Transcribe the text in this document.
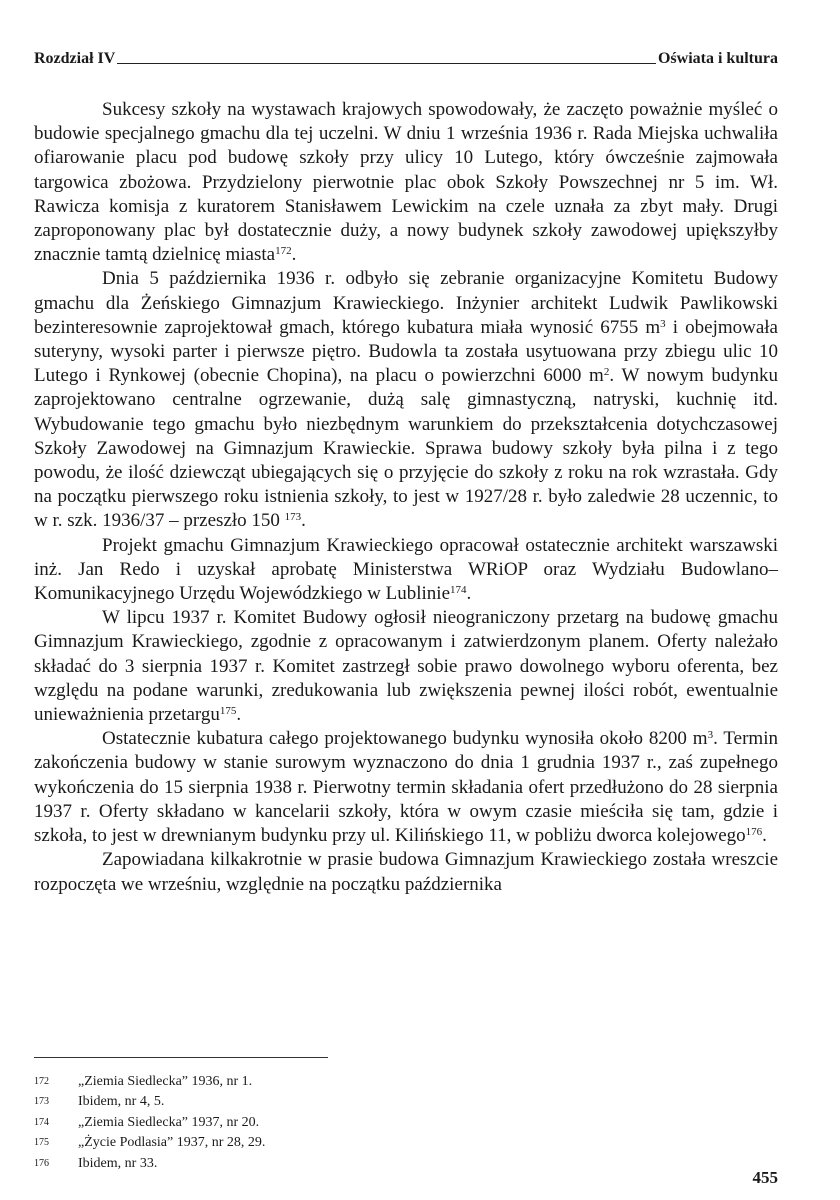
Rozdział IV	Oświata i kultura

Sukcesy szkoły na wystawach krajowych spowodowały, że zaczęto poważnie myśleć o budowie specjalnego gmachu dla tej uczelni. W dniu 1 września 1936 r. Rada Miejska uchwaliła ofiarowanie placu pod budowę szkoły przy ulicy 10 Lutego, który ówcześnie zajmowała targowica zbożowa. Przydzielony pierwotnie plac obok Szkoły Powszechnej nr 5 im. Wł. Rawicza komisja z kuratorem Stanisławem Lewickim na czele uznała za zbyt mały. Drugi zaproponowany plac był dostatecznie duży, a nowy budynek szkoły zawodowej upiększyłby znacznie tamtą dzielnicę miasta$^{172}$.

Dnia 5 października 1936 r. odbyło się zebranie organizacyjne Komitetu Budowy gmachu dla Żeńskiego Gimnazjum Krawieckiego. Inżynier architekt Ludwik Pawlikowski bezinteresownie zaprojektował gmach, którego kubatura miała wynosić 6755 $m^3$ i obejmowała suteryny, wysoki parter i pierwsze piętro. Budowla ta została usytuowana przy zbiegu ulic 10 Lutego i Rynkowej (obecnie Chopina), na placu o powierzchni 6000 $m^2$. W nowym budynku zaprojektowano centralne ogrzewanie, dużą salę gimnastyczną, natryski, kuchnię itd. Wybudowanie tego gmachu było niezbędnym warunkiem do przekształcenia dotychczasowej Szkoły Zawodowej na Gimnazjum Krawieckie. Sprawa budowy szkoły była pilna i z tego powodu, że ilość dziewcząt ubiegających się o przyjęcie do szkoły z roku na rok wzrastała. Gdy na początku pierwszego roku istnienia szkoły, to jest w 1927/28 r. było zaledwie 28 uczennic, to w r. szk. 1936/37 – przeszło 150 $^{173}$.

Projekt gmachu Gimnazjum Krawieckiego opracował ostatecznie architekt warszawski inż. Jan Redo i uzyskał aprobatę Ministerstwa WRiOP oraz Wydziału Budowlano–Komunikacyjnego Urzędu Wojewódzkiego w Lublinie$^{174}$.

W lipcu 1937 r. Komitet Budowy ogłosił nieograniczony przetarg na budowę gmachu Gimnazjum Krawieckiego, zgodnie z opracowanym i zatwierdzonym planem. Oferty należało składać do 3 sierpnia 1937 r. Komitet zastrzegł sobie prawo dowolnego wyboru oferenta, bez względu na podane warunki, zredukowania lub zwiększenia pewnej ilości robót, ewentualnie unieważnienia przetargu$^{175}$.

Ostatecznie kubatura całego projektowanego budynku wynosiła około 8200 $m^3$. Termin zakończenia budowy w stanie surowym wyznaczono do dnia 1 grudnia 1937 r., zaś zupełnego wykończenia do 15 sierpnia 1938 r. Pierwotny termin składania ofert przedłużono do 28 sierpnia 1937 r. Oferty składano w kancelarii szkoły, która w owym czasie mieściła się tam, gdzie i szkoła, to jest w drewnianym budynku przy ul. Kilińskiego 11, w pobliżu dworca kolejowego$^{176}$.

Zapowiadana kilkakrotnie w prasie budowa Gimnazjum Krawieckiego została wreszcie rozpoczęta we wrześniu, względnie na początku października

172	„Ziemia Siedlecka” 1936, nr 1.
173	Ibidem, nr 4, 5.
174	„Ziemia Siedlecka” 1937, nr 20.
175	„Życie Podlasia” 1937, nr 28, 29.
176	Ibidem, nr 33.
455
